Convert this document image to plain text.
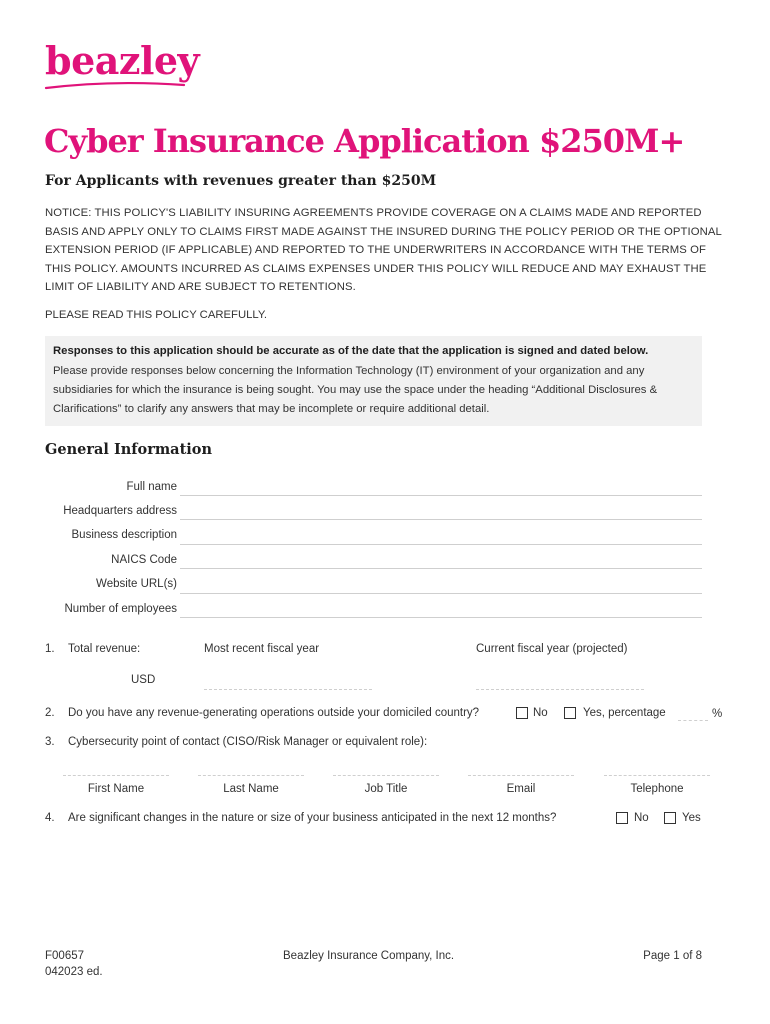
beazley
Cyber Insurance Application $250M+
For Applicants with revenues greater than $250M
NOTICE: THIS POLICY'S LIABILITY INSURING AGREEMENTS PROVIDE COVERAGE ON A CLAIMS MADE AND REPORTED BASIS AND APPLY ONLY TO CLAIMS FIRST MADE AGAINST THE INSURED DURING THE POLICY PERIOD OR THE OPTIONAL EXTENSION PERIOD (IF APPLICABLE) AND REPORTED TO THE UNDERWRITERS IN ACCORDANCE WITH THE TERMS OF THIS POLICY. AMOUNTS INCURRED AS CLAIMS EXPENSES UNDER THIS POLICY WILL REDUCE AND MAY EXHAUST THE LIMIT OF LIABILITY AND ARE SUBJECT TO RETENTIONS.
PLEASE READ THIS POLICY CAREFULLY.
Responses to this application should be accurate as of the date that the application is signed and dated below.
Please provide responses below concerning the Information Technology (IT) environment of your organization and any subsidiaries for which the insurance is being sought. You may use the space under the heading “Additional Disclosures & Clarifications” to clarify any answers that may be incomplete or require additional detail.
General Information
Full name
Headquarters address
Business description
NAICS Code
Website URL(s)
Number of employees
1. Total revenue:	Most recent fiscal year	Current fiscal year (projected)
USD
2. Do you have any revenue-generating operations outside your domiciled country?	No	Yes, percentage	%
3. Cybersecurity point of contact (CISO/Risk Manager or equivalent role):
First Name	Last Name	Job Title	Email	Telephone
4. Are significant changes in the nature or size of your business anticipated in the next 12 months?	No	Yes
F00657
042023 ed.
Beazley Insurance Company, Inc.	Page 1 of 8
